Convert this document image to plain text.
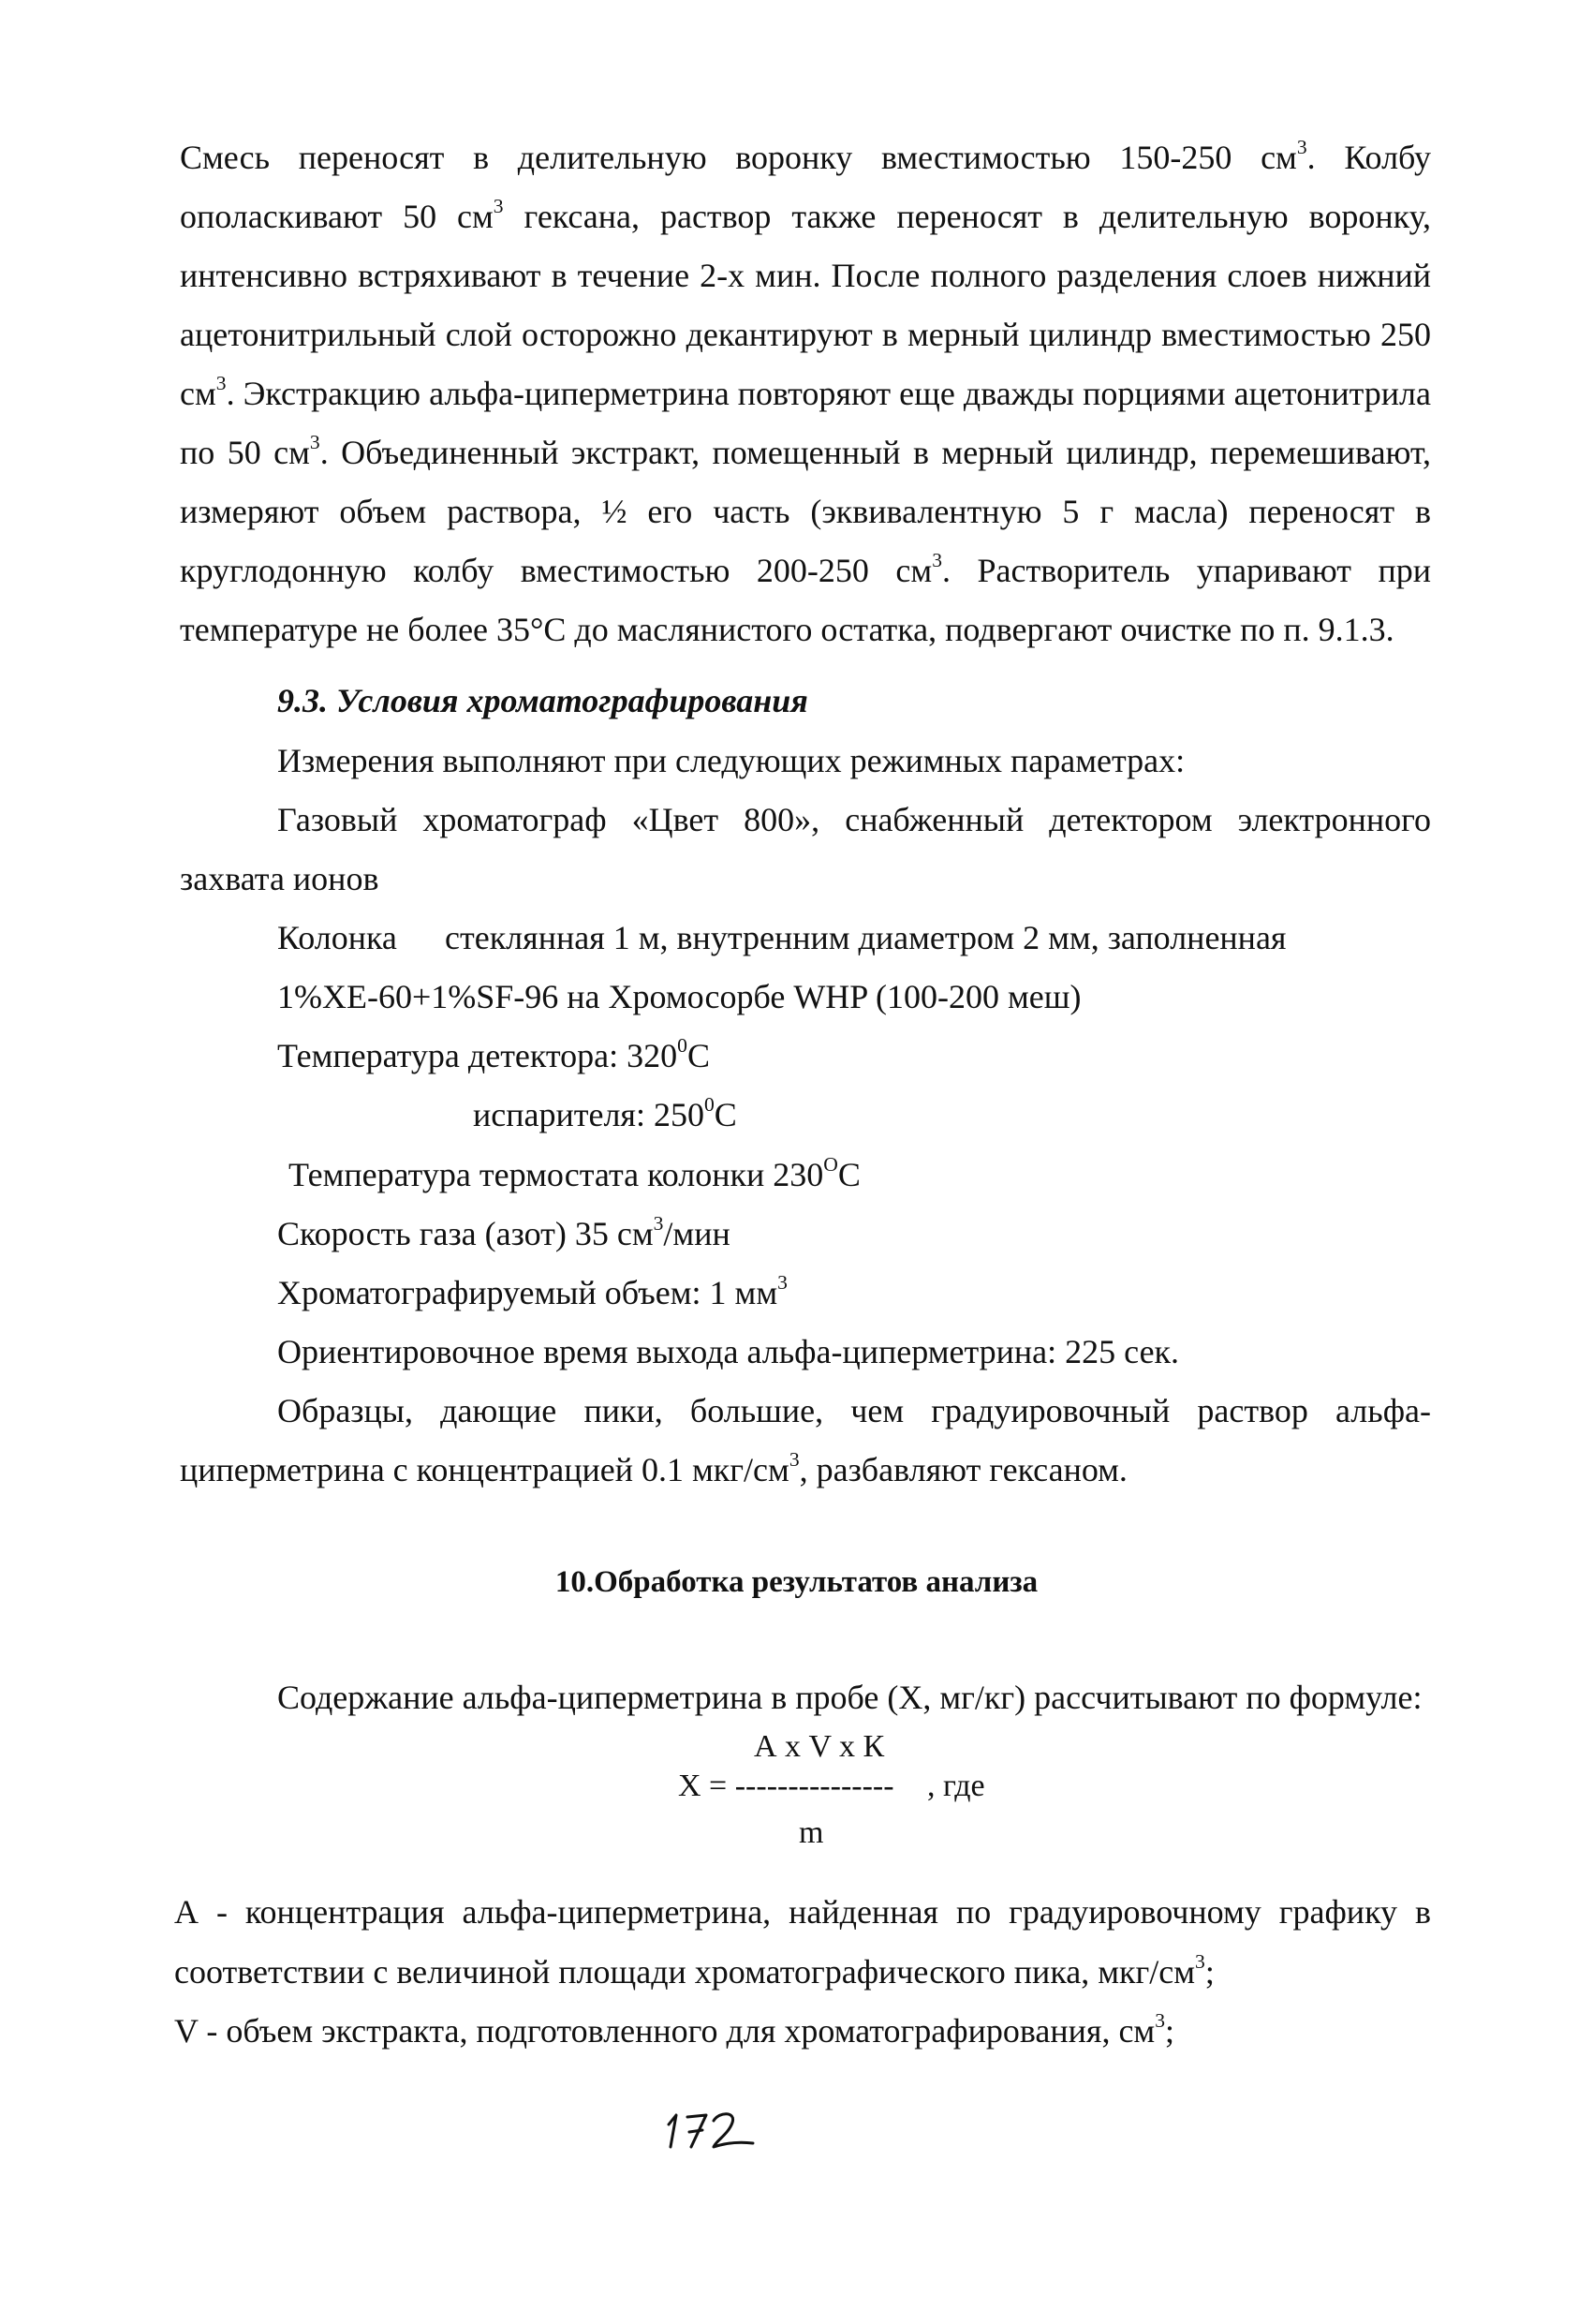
Смесь переносят в делительную воронку вместимостью 150-250 $см^3$. Колбу
ополаскивают 50 $см^3$ гексана, раствор также переносят в делительную воронку,
интенсивно встряхивают в течение 2-х мин. После полного разделения слоев нижний
ацетонитрильный слой осторожно декантируют в мерный цилиндр вместимостью 250
$см^3$. Экстракцию альфа-циперметрина повторяют еще дважды порциями ацетонитрила
по 50 $см^3$. Объединенный экстракт, помещенный в мерный цилиндр, перемешивают,
измеряют объем раствора, ½ его часть (эквивалентную 5 г масла) переносят в
круглодонную колбу вместимостью 200-250 $см^3$. Растворитель упаривают при
температуре не более 35°С до маслянистого остатка, подвергают очистке по п. 9.1.3.
9.3. Условия хроматографирования
Измерения выполняют при следующих режимных параметрах:
Газовый хроматограф «Цвет 800», снабженный детектором электронного
захвата ионов
Колонка стеклянная 1 м, внутренним диаметром 2 мм, заполненная
1%XE-60+1%SF-96 на Хромосорбе WHP (100-200 меш)
Температура детектора: $320^0С$
испарителя: $250^0С$
Температура термостата колонки $230^OС$
Скорость газа (азот) 35 $см^3$/мин
Хроматографируемый объем: 1 $мм^3$
Ориентировочное время выхода альфа-циперметрина: 225 сек.
Образцы, дающие пики, большие, чем градуировочный раствор альфа-
циперметрина с концентрацией 0.1 мкг/$см^3$, разбавляют гексаном.
10.Обработка результатов анализа
Содержание альфа-циперметрина в пробе (Х, мг/кг) рассчитывают по формуле:
А х V х К
Х = --------------- , где
m
А - концентрация альфа-циперметрина, найденная по градуировочному графику в
соответствии с величиной площади хроматографического пика, мкг/$см^3$;
V - объем экстракта, подготовленного для хроматографирования, $см^3$;
